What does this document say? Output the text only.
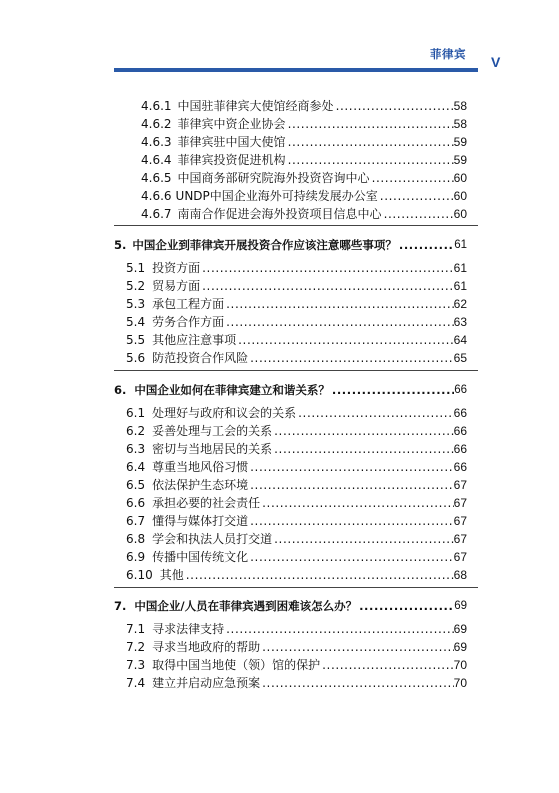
菲律宾 V
4.6.1 中国驻菲律宾大使馆经商参处 .....	58
4.6.2 菲律宾中资企业协会 .....	58
4.6.3 菲律宾驻中国大使馆 .....	59
4.6.4 菲律宾投资促进机构 .....	59
4.6.5 中国商务部研究院海外投资咨询中心 .....	60
4.6.6 UNDP中国企业海外可持续发展办公室 .....	60
4.6.7 南南合作促进会海外投资项目信息中心 .....	60
5. 中国企业到菲律宾开展投资合作应该注意哪些事项？ .....	61
5.1 投资方面 .....	61
5.2 贸易方面 .....	61
5.3 承包工程方面 .....	62
5.4 劳务合作方面 .....	63
5.5 其他应注意事项 .....	64
5.6 防范投资合作风险 .....	65
6. 中国企业如何在菲律宾建立和谐关系？ .....	66
6.1 处理好与政府和议会的关系 .....	66
6.2 妥善处理与工会的关系 .....	66
6.3 密切与当地居民的关系 .....	66
6.4 尊重当地风俗习惯 .....	66
6.5 依法保护生态环境 .....	67
6.6 承担必要的社会责任 .....	67
6.7 懂得与媒体打交道 .....	67
6.8 学会和执法人员打交道 .....	67
6.9 传播中国传统文化 .....	67
6.10 其他 .....	68
7. 中国企业/人员在菲律宾遇到困难该怎么办？ .....	69
7.1 寻求法律支持 .....	69
7.2 寻求当地政府的帮助 .....	69
7.3 取得中国当地使（领）馆的保护 .....	70
7.4 建立并启动应急预案 .....	70
